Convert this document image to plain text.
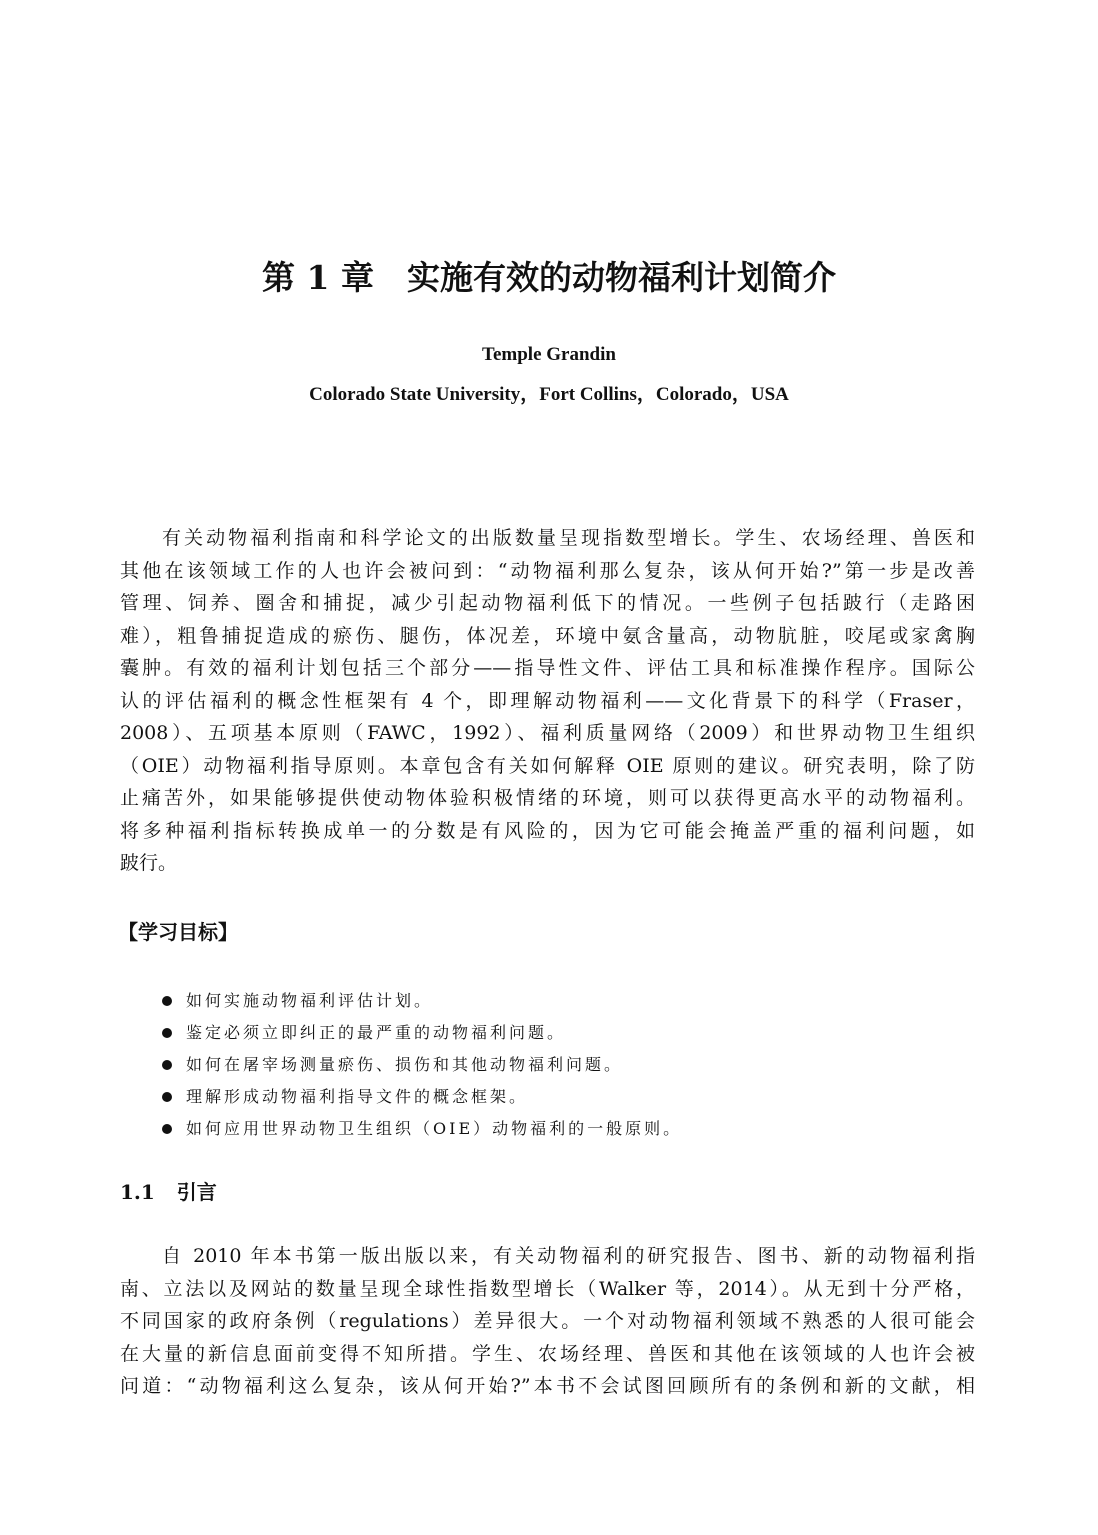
第 1 章　实施有效的动物福利计划简介
Temple Grandin
Colorado State University，Fort Collins，Colorado，USA
有关动物福利指南和科学论文的出版数量呈现指数型增长。学生、农场经理、兽医和
其他在该领域工作的人也许会被问到：“动物福利那么复杂，该从何开始?”第一步是改善
管理、饲养、圈舍和捕捉，减少引起动物福利低下的情况。一些例子包括跛行（走路困
难），粗鲁捕捉造成的瘀伤、腿伤，体况差，环境中氨含量高，动物肮脏，咬尾或家禽胸
囊肿。有效的福利计划包括三个部分——指导性文件、评估工具和标准操作程序。国际公
认的评估福利的概念性框架有 4 个，即理解动物福利——文化背景下的科学（Fraser，
2008）、五项基本原则（FAWC，1992）、福利质量网络（2009）和世界动物卫生组织
（OIE）动物福利指导原则。本章包含有关如何解释 OIE 原则的建议。研究表明，除了防
止痛苦外，如果能够提供使动物体验积极情绪的环境，则可以获得更高水平的动物福利。
将多种福利指标转换成单一的分数是有风险的，因为它可能会掩盖严重的福利问题，如
跛行。
【学习目标】
如何实施动物福利评估计划。
鉴定必须立即纠正的最严重的动物福利问题。
如何在屠宰场测量瘀伤、损伤和其他动物福利问题。
理解形成动物福利指导文件的概念框架。
如何应用世界动物卫生组织（OIE）动物福利的一般原则。
1.1 引言
自 2010 年本书第一版出版以来，有关动物福利的研究报告、图书、新的动物福利指
南、立法以及网站的数量呈现全球性指数型增长（Walker 等，2014）。从无到十分严格，
不同国家的政府条例（regulations）差异很大。一个对动物福利领域不熟悉的人很可能会
在大量的新信息面前变得不知所措。学生、农场经理、兽医和其他在该领域的人也许会被
问道：“动物福利这么复杂，该从何开始?”本书不会试图回顾所有的条例和新的文献，相
